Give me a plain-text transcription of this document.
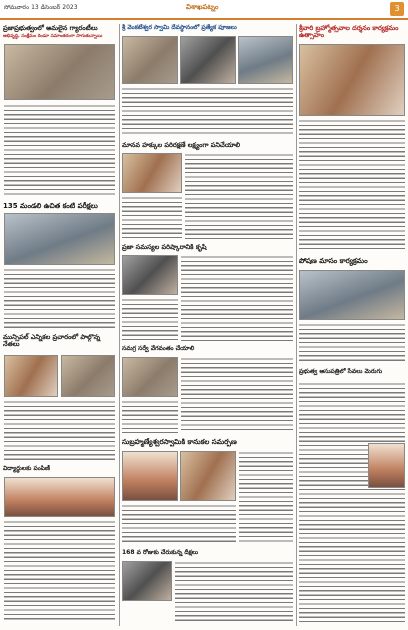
సోమవారం 13 డిసెంబర్ 2023	విశాఖపట్నం	3
ప్రజాప్రభుత్వంలో అమలైన గ్యారంటీలు
అభివృద్ధి, సంక్షేమం రెండూ సమాంతరంగా సాగుతున్నాయి
135 మండలి ఉచిత కంటి పరీక్షలు
మున్సిపల్ ఎన్నికల ప్రచారంలో పాల్గొన్న నేతలు
విద్యార్థులకు పంపిణీ
శ్రీ వెంకటేశ్వర స్వామి దేవస్థానంలో ప్రత్యేక పూజలు
మానవ హక్కుల పరిరక్షణే లక్ష్యంగా పనిచేయాలి
ప్రజా సమస్యల పరిష్కారానికి కృషి
సమగ్ర సర్వే వేగవంతం చేయాలి
సుబ్రహ్మణ్యేశ్వరస్వామికి కానుకల సమర్పణ
168 వ రోజుకు చేరుకున్న దీక్షలు
శ్రీవారి బ్రహ్మోత్సవాల దర్శనం కార్యక్రమం ఉత్సాహం
పోషణ మాసం కార్యక్రమం
ప్రభుత్వ ఆసుపత్రిలో సేవలు మెరుగు
